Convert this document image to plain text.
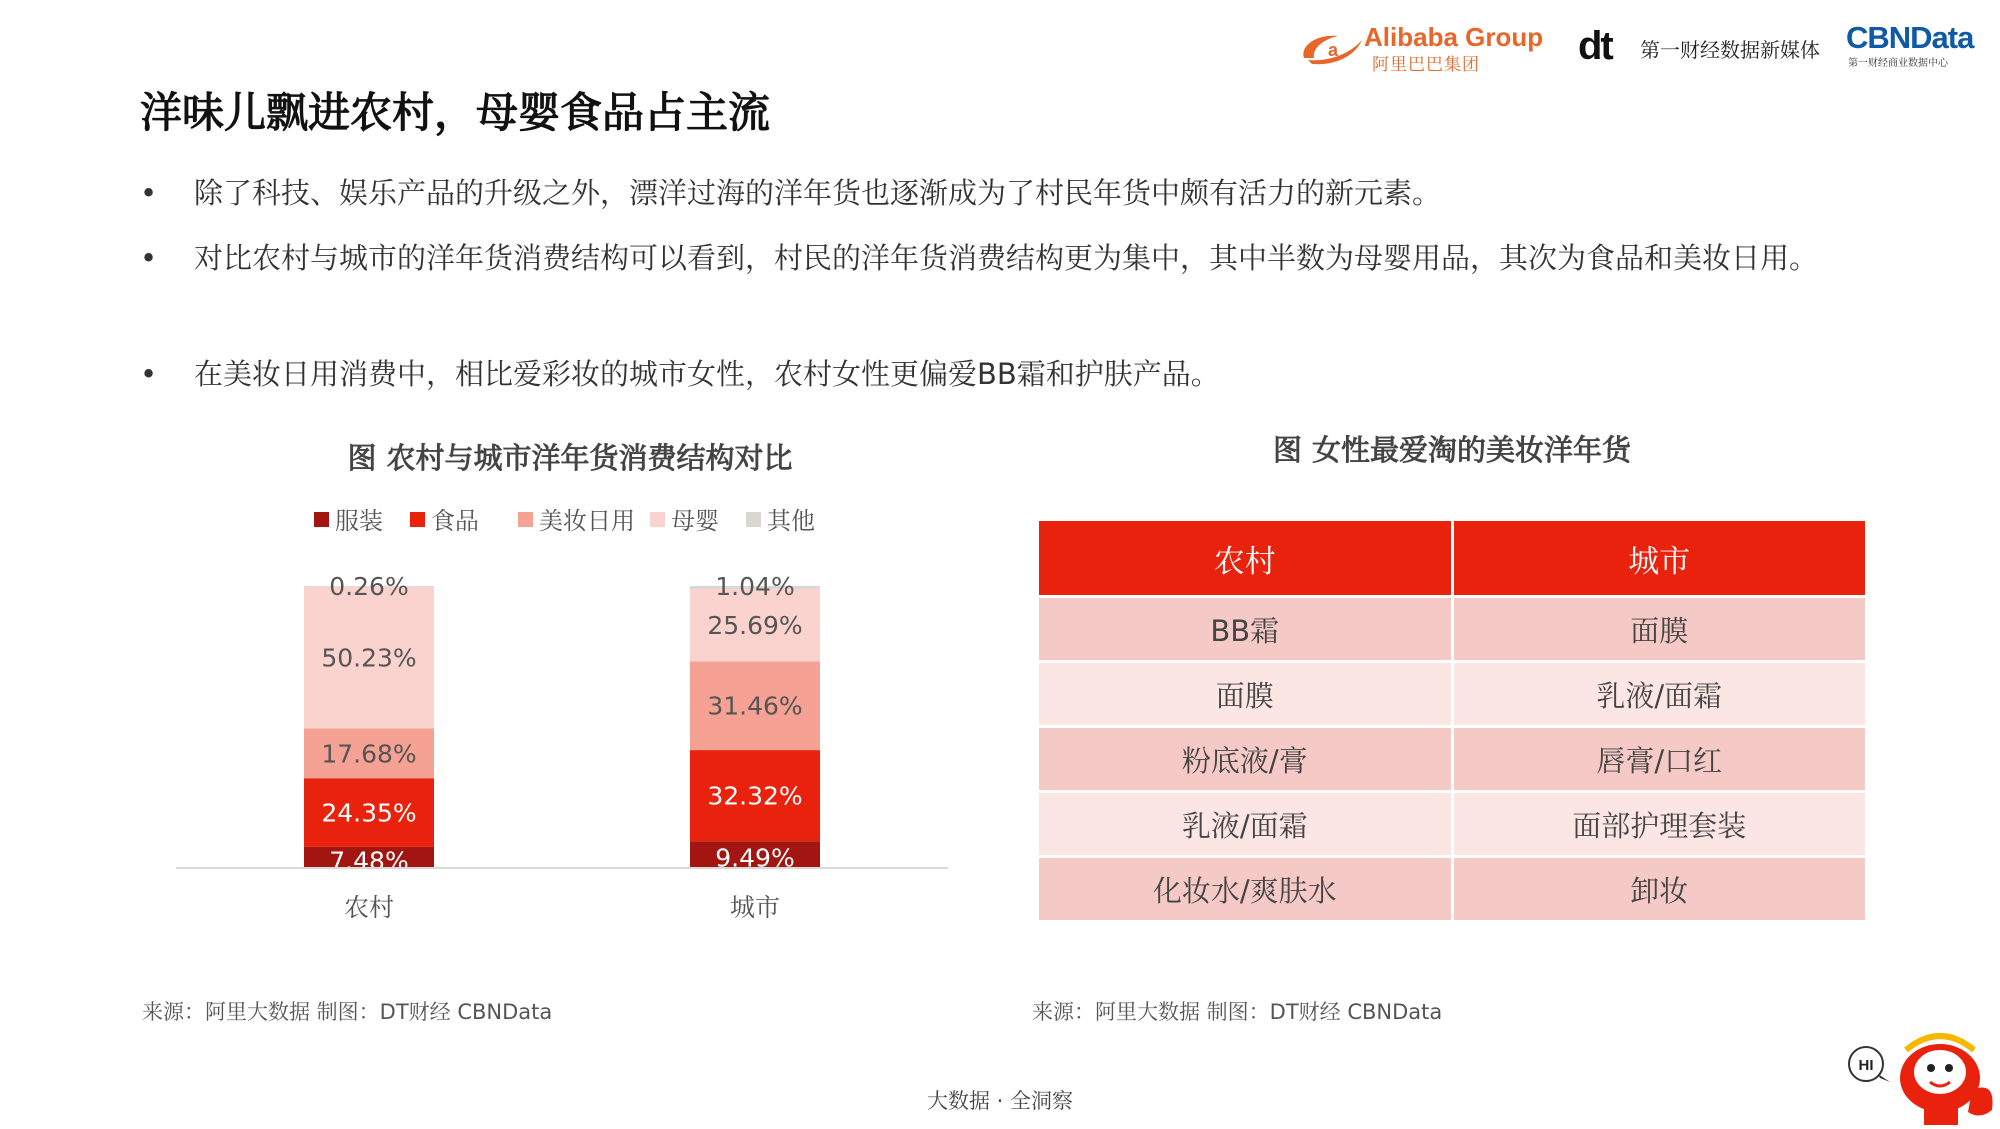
a Alibaba Group
阿里巴巴集团 dt 第一财经数据新媒体 CBNData
第一财经商业数据中心
洋味儿飘进农村，母婴食品占主流
•	除了科技、娱乐产品的升级之外，漂洋过海的洋年货也逐渐成为了村民年货中颇有活力的新元素。
•	对比农村与城市的洋年货消费结构可以看到，村民的洋年货消费结构更为集中，其中半数为母婴用品，其次为食品和美妆日用。
•	在美妆日用消费中，相比爱彩妆的城市女性，农村女性更偏爱BB霜和护肤产品。
图 农村与城市洋年货消费结构对比
服装 食品	美妆日用 母婴 其他
7.48%
24.35%
17.68%
50.23%
0.26%
9.49%
32.32%
31.46%
25.69%
1.04%
农村	城市
图 女性最爱淘的美妆洋年货
农村	城市
BB霜	面膜
面膜	乳液/面霜
粉底液/膏	唇膏/口红
乳液/面霜	面部护理套装
化妆水/爽肤水	卸妆
来源：阿里大数据 制图：DT财经 CBNData	来源：阿里大数据 制图：DT财经 CBNData
大数据 · 全洞察
HI
